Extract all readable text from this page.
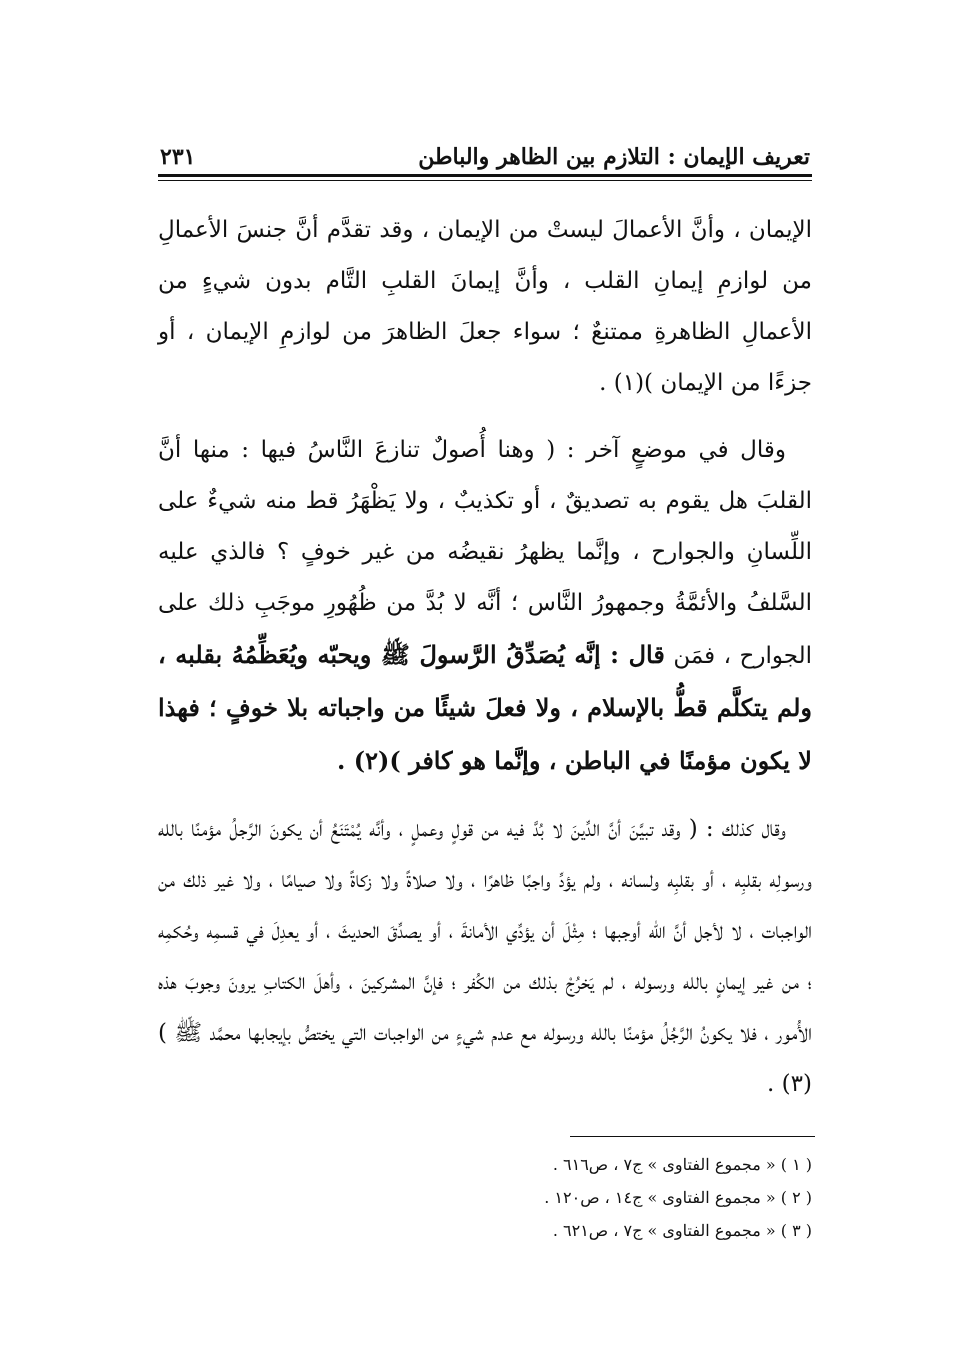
تعريف الإيمان : التلازم بين الظاهر والباطن
٢٣١

الإيمان ، وأنَّ الأعمالَ ليستْ من الإيمان ، وقد تقدَّم أنَّ جنسَ الأعمالِ من لوازمِ إيمانِ القلب ، وأنَّ إيمانَ القلبِ التَّام بدون شيءٍ من الأعمالِ الظاهرةِ ممتنعٌ ؛ سواء جعلَ الظاهرَ من لوازمِ الإيمان ، أو جزءًا من الإيمان )(١) .

وقال في موضعٍ آخر : ( وهنا أُصولٌ تنازعَ النَّاسُ فيها : منها أنَّ القلبَ هل يقوم به تصديقٌ ، أو تكذيبٌ ، ولا يَظْهَرُ قط منه شيءٌ على اللِّسانِ والجوارح ، وإنَّما يظهرُ نقيضُه من غير خوفٍ ؟ فالذي عليه السَّلفُ والأئمَّةُ وجمهورُ النَّاس ؛ أنَّه لا بُدَّ من ظُهُورِ موجَبِ ذلك على الجوارح ، فمَن قال : إنَّه يُصَدِّقُ الرَّسولَ ﷺ ويحبّه ويُعَظِّمُهُ بقلبه ، ولم يتكلَّم قطُّ بالإسلام ، ولا فعلَ شيئًا من واجباته بلا خوفٍ ؛ فهذا لا يكون مؤمنًا في الباطن ، وإنَّما هو كافر )(٢) .

وقال كذلك : ( وقد تبيَّنَ أنَّ الدِّينَ لا بُدَّ فيه من قولٍ وعملٍ ، وأنَّه يُمْتَنَعُ أن يكونَ الرَّجلُ مؤمنًا بالله ورسولِه بقلبِه ، أو بقلبِه ولسانه ، ولم يؤدِّ واجبًا ظاهرًا ، ولا صلاةً ولا زكاةً ولا صيامًا ، ولا غير ذلك من الواجبات ، لا لأجل أنَّ الله أوجبها ؛ مِثْلَ أن يؤدِّي الأمانةَ ، أو يصدِّقَ الحديثَ ، أو يعدِلَ في قسمِه وحُكمِه ؛ من غير إيمانٍ بالله ورسوله ، لم يَخرُجْ بذلك من الكُفر ؛ فإنَّ المشركينَ ، وأهلَ الكتابِ يرونَ وجوبَ هذه الأُمور ، فلا يكونُ الرَّجُلُ مؤمنًا بالله ورسوله مع عدم شيءٍ من الواجبات التي يختصُّ بإيجابها محمَّد ﷺ )(٣) .

( ١ ) « مجموع الفتاوى » ج٧ ، ص٦١٦ .
( ٢ ) « مجموع الفتاوى » ج١٤ ، ص١٢٠ .
( ٣ ) « مجموع الفتاوى » ج٧ ، ص٦٢١ .
